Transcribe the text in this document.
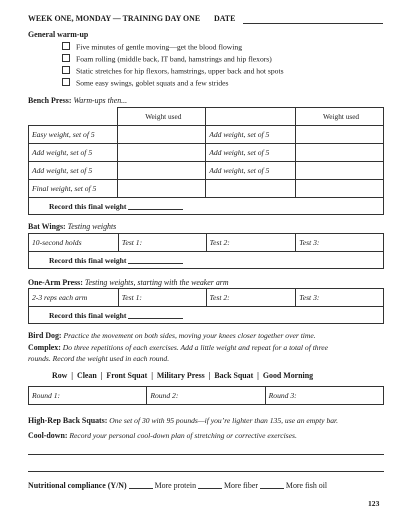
WEEK ONE, MONDAY — TRAINING DAY ONE DATE
General warm-up
Five minutes of gentle moving—get the blood flowing
Foam rolling (middle back, IT band, hamstrings and hip flexors)
Static stretches for hip flexors, hamstrings, upper back and hot spots
Some easy swings, goblet squats and a few strides
Bench Press: Warm-ups then...
	Weight used		Weight used
Easy weight, set of 5		Add weight, set of 5	
Add weight, set of 5		Add weight, set of 5	
Add weight, set of 5		Add weight, set of 5	
Final weight, set of 5			
Record this final weight			
Bat Wings: Testing weights
10-second holds	Test 1:	Test 2:	Test 3:
Record this final weight
One-Arm Press: Testing weights, starting with the weaker arm
2-3 reps each arm	Test 1:	Test 2:	Test 3:
Record this final weight
Bird Dog: Practice the movement on both sides, moving your knees closer together over time.
Complex: Do three repetitions of each exercises. Add a little weight and repeat for a total of three
rounds. Record the weight used in each round.
Row | Clean | Front Squat | Military Press | Back Squat | Good Morning
Round 1:	Round 2:	Round 3:
High-Rep Back Squats: One set of 30 with 95 pounds—if you’re lighter than 135, use an empty bar.
Cool-down: Record your personal cool-down plan of stretching or corrective exercises.
Nutritional compliance (Y/N)	More protein	More fiber	More fish oil
123
